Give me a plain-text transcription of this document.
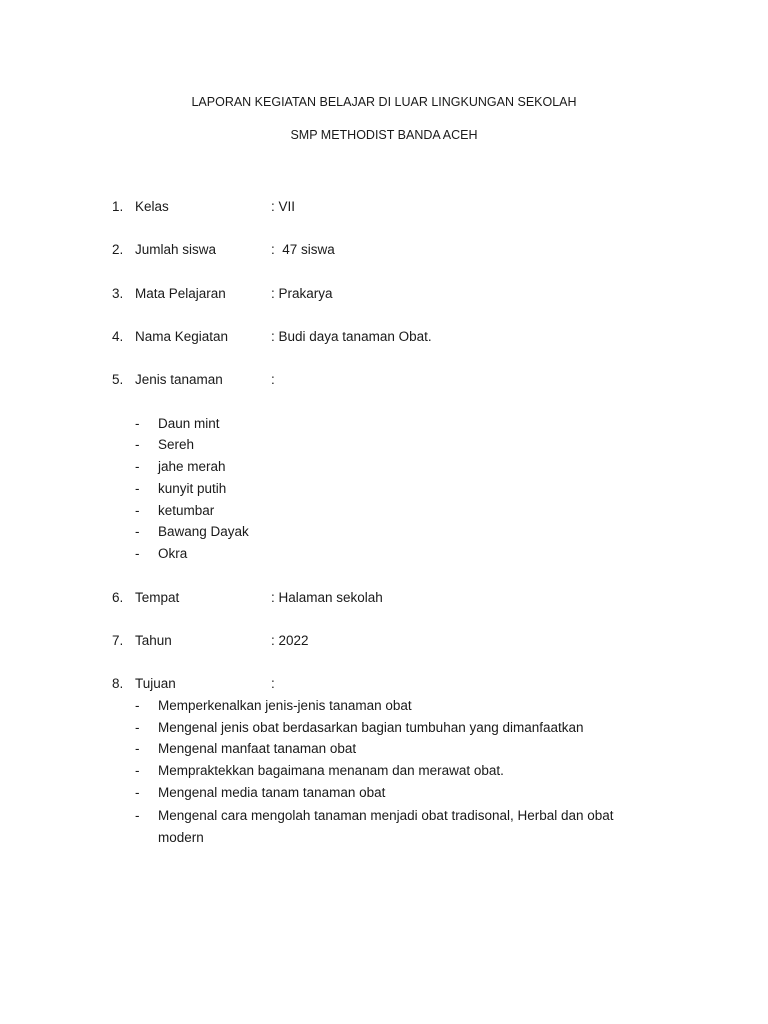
LAPORAN KEGIATAN BELAJAR DI LUAR LINGKUNGAN SEKOLAH
SMP METHODIST BANDA ACEH
1. Kelas	: VII
2. Jumlah siswa	:  47 siswa
3. Mata Pelajaran	: Prakarya
4. Nama Kegiatan	: Budi daya tanaman Obat.
5. Jenis tanaman	:
- Daun mint
- Sereh
- jahe merah
- kunyit putih
- ketumbar
- Bawang Dayak
- Okra
6. Tempat	: Halaman sekolah
7. Tahun	: 2022
8. Tujuan	:
- Memperkenalkan jenis-jenis tanaman obat
- Mengenal jenis obat berdasarkan bagian tumbuhan yang dimanfaatkan
- Mengenal manfaat tanaman obat
- Mempraktekkan bagaimana menanam dan merawat obat.
- Mengenal media tanam tanaman obat
- Mengenal cara mengolah tanaman menjadi obat tradisonal, Herbal dan obat modern
